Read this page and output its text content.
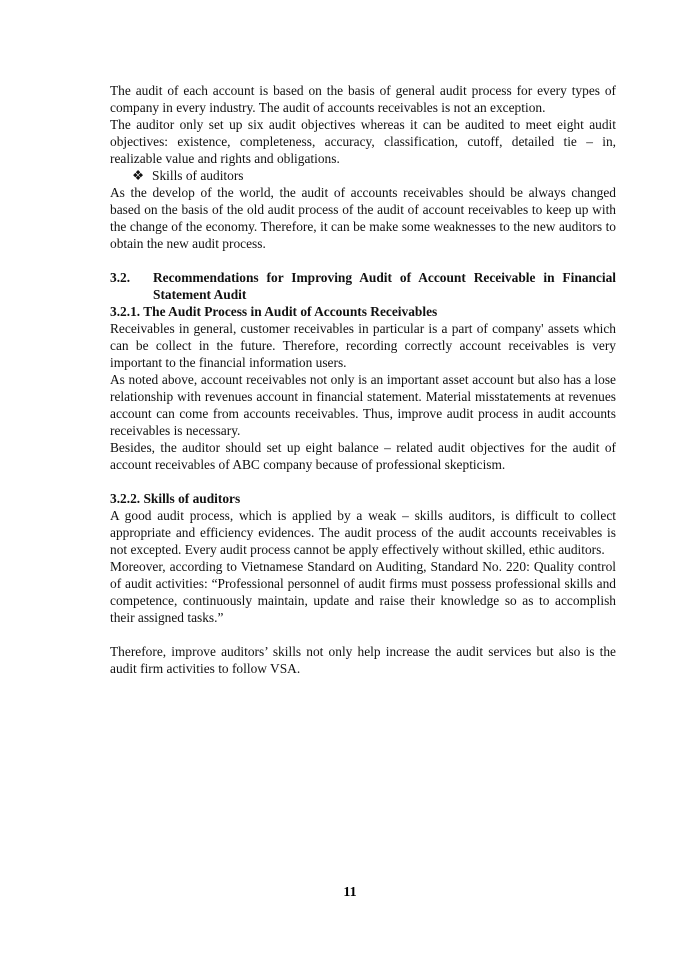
The audit of each account is based on the basis of general audit process for every types of company in every industry. The audit of accounts receivables is not an exception.

The auditor only set up six audit objectives whereas it can be audited to meet eight audit objectives: existence, completeness, accuracy, classification, cutoff, detailed tie – in, realizable value and rights and obligations.

❖ Skills of auditors

As the develop of the world, the audit of accounts receivables should be always changed based on the basis of the old audit process of the audit of account receivables to keep up with the change of the economy. Therefore, it can be make some weaknesses to the new auditors to obtain the new audit process.

3.2.	Recommendations for Improving Audit of Account Receivable in Financial Statement Audit

3.2.1. The Audit Process in Audit of Accounts Receivables

Receivables in general, customer receivables in particular is a part of company' assets which can be collect in the future. Therefore, recording correctly account receivables is very important to the financial information users.

As noted above, account receivables not only is an important asset account but also has a lose relationship with revenues account in financial statement. Material misstatements at revenues account can come from accounts receivables. Thus, improve audit process in audit accounts receivables is necessary.

Besides, the auditor should set up eight balance – related audit objectives for the audit of account receivables of ABC company because of professional skepticism.

3.2.2. Skills of auditors

A good audit process, which is applied by a weak – skills auditors, is difficult to collect appropriate and efficiency evidences. The audit process of the audit accounts receivables is not excepted. Every audit process cannot be apply effectively without skilled, ethic auditors.

Moreover, according to Vietnamese Standard on Auditing, Standard No. 220: Quality control of audit activities: “Professional personnel of audit firms must possess professional skills and competence, continuously maintain, update and raise their knowledge so as to accomplish their assigned tasks.”

Therefore, improve auditors’ skills not only help increase the audit services but also is the audit firm activities to follow VSA.

11
